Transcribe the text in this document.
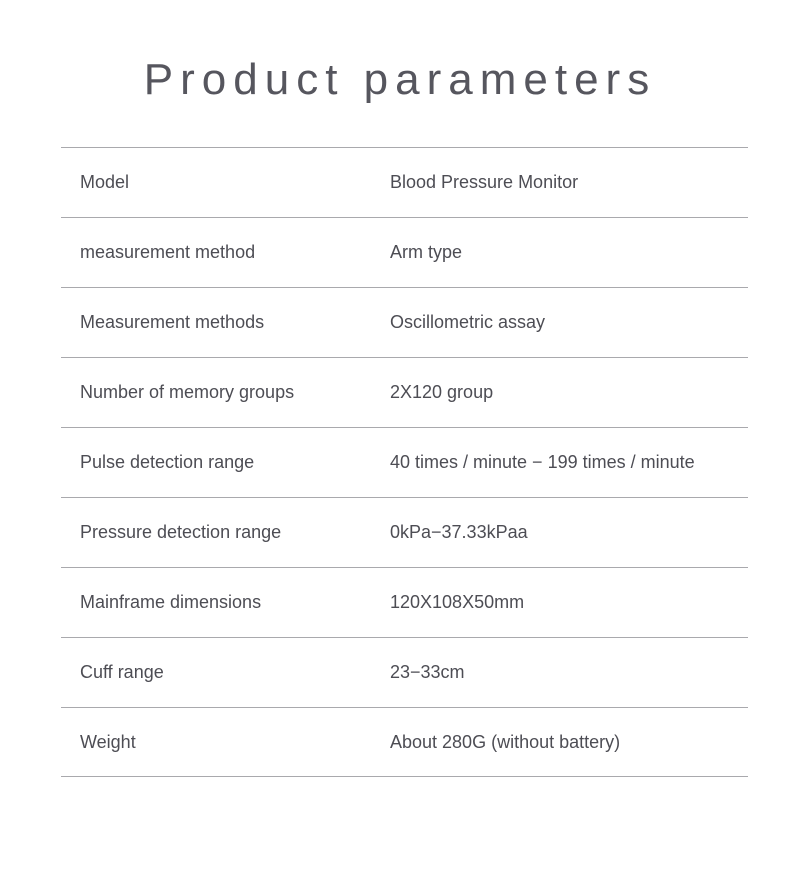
Product parameters
Model	Blood Pressure Monitor
measurement method	Arm type
Measurement methods	Oscillometric assay
Number of memory groups	2X120 group
Pulse detection range	40 times / minute − 199 times / minute
Pressure detection range	0kPa−37.33kPaa
Mainframe dimensions	120X108X50mm
Cuff range	23−33cm
Weight	About 280G (without battery)
